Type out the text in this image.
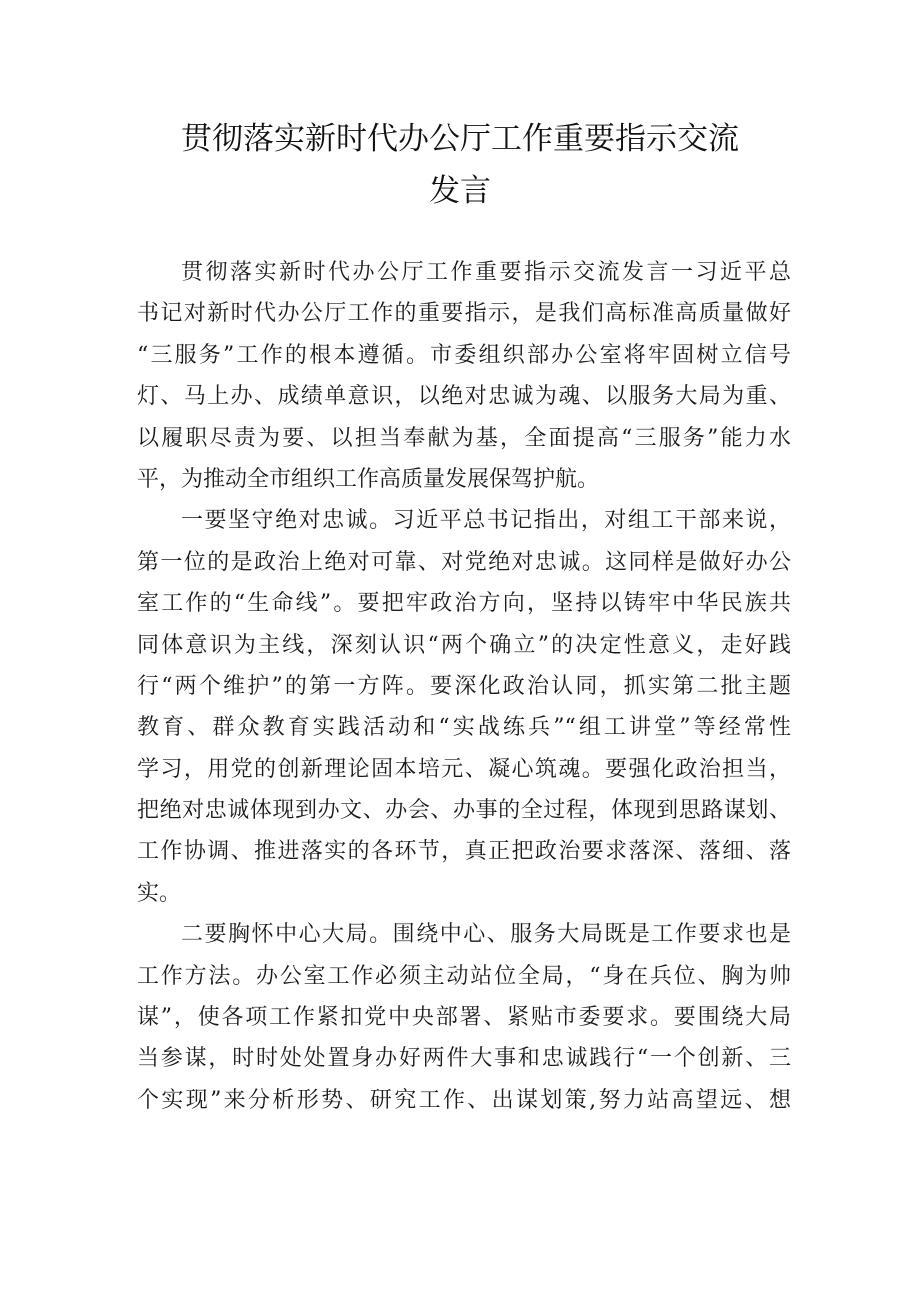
贯彻落实新时代办公厅工作重要指示交流
发言
贯彻落实新时代办公厅工作重要指示交流发言一习近平总
书记对新时代办公厅工作的重要指示，是我们高标准高质量做好
“三服务”工作的根本遵循。市委组织部办公室将牢固树立信号
灯、马上办、成绩单意识，以绝对忠诚为魂、以服务大局为重、
以履职尽责为要、以担当奉献为基，全面提高“三服务”能力水
平，为推动全市组织工作高质量发展保驾护航。
一要坚守绝对忠诚。习近平总书记指出，对组工干部来说，
第一位的是政治上绝对可靠、对党绝对忠诚。这同样是做好办公
室工作的“生命线”。要把牢政治方向，坚持以铸牢中华民族共
同体意识为主线，深刻认识“两个确立”的决定性意义，走好践
行“两个维护”的第一方阵。要深化政治认同，抓实第二批主题
教育、群众教育实践活动和“实战练兵”“组工讲堂”等经常性
学习，用党的创新理论固本培元、凝心筑魂。要强化政治担当，
把绝对忠诚体现到办文、办会、办事的全过程，体现到思路谋划、
工作协调、推进落实的各环节，真正把政治要求落深、落细、落
实。
二要胸怀中心大局。围绕中心、服务大局既是工作要求也是
工作方法。办公室工作必须主动站位全局，“身在兵位、胸为帅
谋”，使各项工作紧扣党中央部署、紧贴市委要求。要围绕大局
当参谋，时时处处置身办好两件大事和忠诚践行“一个创新、三
个实现”来分析形势、研究工作、出谋划策,努力站高望远、想
